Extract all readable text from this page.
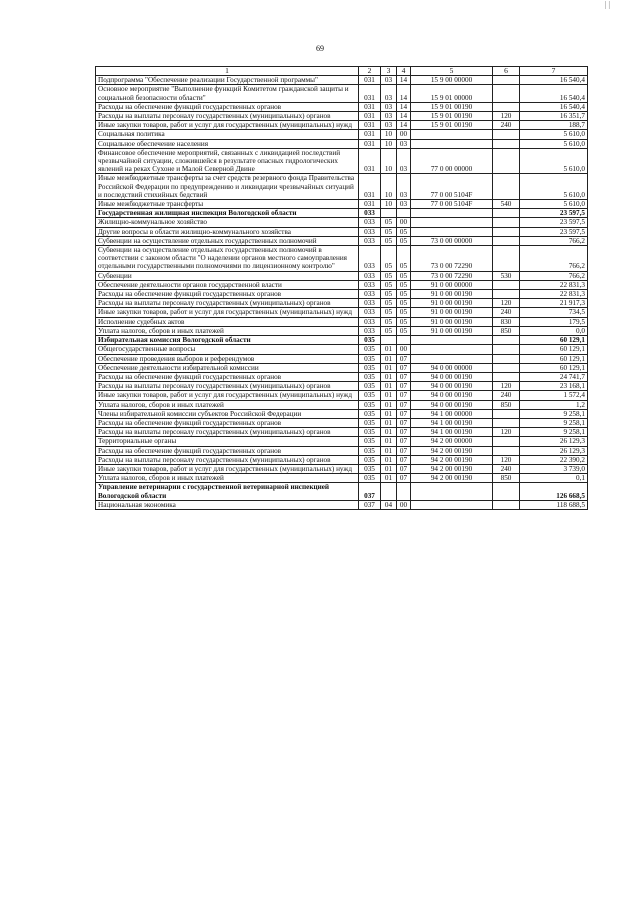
| |
69
1	2	3	4	5	6	7
Подпрограмма "Обеспечение реализации Государственной программы"	031	03	14	15 9 00 00000		16 540,4
Основное мероприятие "Выполнение функций Комитетом гражданской защиты и социальной безопасности области"	031	03	14	15 9 01 00000		16 540,4
Расходы на обеспечение функций государственных органов	031	03	14	15 9 01 00190		16 540,4
Расходы на выплаты персоналу государственных (муниципальных) органов	031	03	14	15 9 01 00190	120	16 351,7
Иные закупки товаров, работ и услуг для государственных (муниципальных) нужд	031	03	14	15 9 01 00190	240	188,7
Социальная политика	031	10	00			5 610,0
Социальное обеспечение населения	031	10	03			5 610,0
Финансовое обеспечение мероприятий, связанных с ликвидацией последствий чрезвычайной ситуации, сложившейся в результате опасных гидрологических явлений на реках Сухоне и Малой Северной Двине	031	10	03	77 0 00 00000		5 610,0
Иные межбюджетные трансферты за счет средств резервного фонда Правительства Российской Федерации по предупреждению и ликвидации чрезвычайных ситуаций и последствий стихийных бедствий	031	10	03	77 0 00 5104F		5 610,0
Иные межбюджетные трансферты	031	10	03	77 0 00 5104F	540	5 610,0
Государственная жилищная инспекция Вологодской области	033					23 597,5
Жилищно-коммунальное хозяйство	033	05	00			23 597,5
Другие вопросы в области жилищно-коммунального хозяйства	033	05	05			23 597,5
Субвенции на осуществление отдельных государственных полномочий	033	05	05	73 0 00 00000		766,2
Субвенции на осуществление отдельных государственных полномочий в соответствии с законом области "О наделении органов местного самоуправления отдельными государственными полномочиями по лицензионному контролю"	033	05	05	73 0 00 72290		766,2
Субвенции	033	05	05	73 0 00 72290	530	766,2
Обеспечение деятельности органов государственной власти	033	05	05	91 0 00 00000		22 831,3
Расходы на обеспечение функций государственных органов	033	05	05	91 0 00 00190		22 831,3
Расходы на выплаты персоналу государственных (муниципальных) органов	033	05	05	91 0 00 00190	120	21 917,3
Иные закупки товаров, работ и услуг для государственных (муниципальных) нужд	033	05	05	91 0 00 00190	240	734,5
Исполнение судебных актов	033	05	05	91 0 00 00190	830	179,5
Уплата налогов, сборов и иных платежей	033	05	05	91 0 00 00190	850	0,0
Избирательная комиссия Вологодской области	035					60 129,1
Общегосударственные вопросы	035	01	00			60 129,1
Обеспечение проведения выборов и референдумов	035	01	07			60 129,1
Обеспечение деятельности избирательной комиссии	035	01	07	94 0 00 00000		60 129,1
Расходы на обеспечение функций государственных органов	035	01	07	94 0 00 00190		24 741,7
Расходы на выплаты персоналу государственных (муниципальных) органов	035	01	07	94 0 00 00190	120	23 168,1
Иные закупки товаров, работ и услуг для государственных (муниципальных) нужд	035	01	07	94 0 00 00190	240	1 572,4
Уплата налогов, сборов и иных платежей	035	01	07	94 0 00 00190	850	1,2
Члены избирательной комиссии субъектов Российской Федерации	035	01	07	94 1 00 00000		9 258,1
Расходы на обеспечение функций государственных органов	035	01	07	94 1 00 00190		9 258,1
Расходы на выплаты персоналу государственных (муниципальных) органов	035	01	07	94 1 00 00190	120	9 258,1
Территориальные органы	035	01	07	94 2 00 00000		26 129,3
Расходы на обеспечение функций государственных органов	035	01	07	94 2 00 00190		26 129,3
Расходы на выплаты персоналу государственных (муниципальных) органов	035	01	07	94 2 00 00190	120	22 390,2
Иные закупки товаров, работ и услуг для государственных (муниципальных) нужд	035	01	07	94 2 00 00190	240	3 739,0
Уплата налогов, сборов и иных платежей	035	01	07	94 2 00 00190	850	0,1
Управление ветеринарии с государственной ветеринарной инспекцией Вологодской области	037					126 668,5
Национальная экономика	037	04	00			118 688,5
